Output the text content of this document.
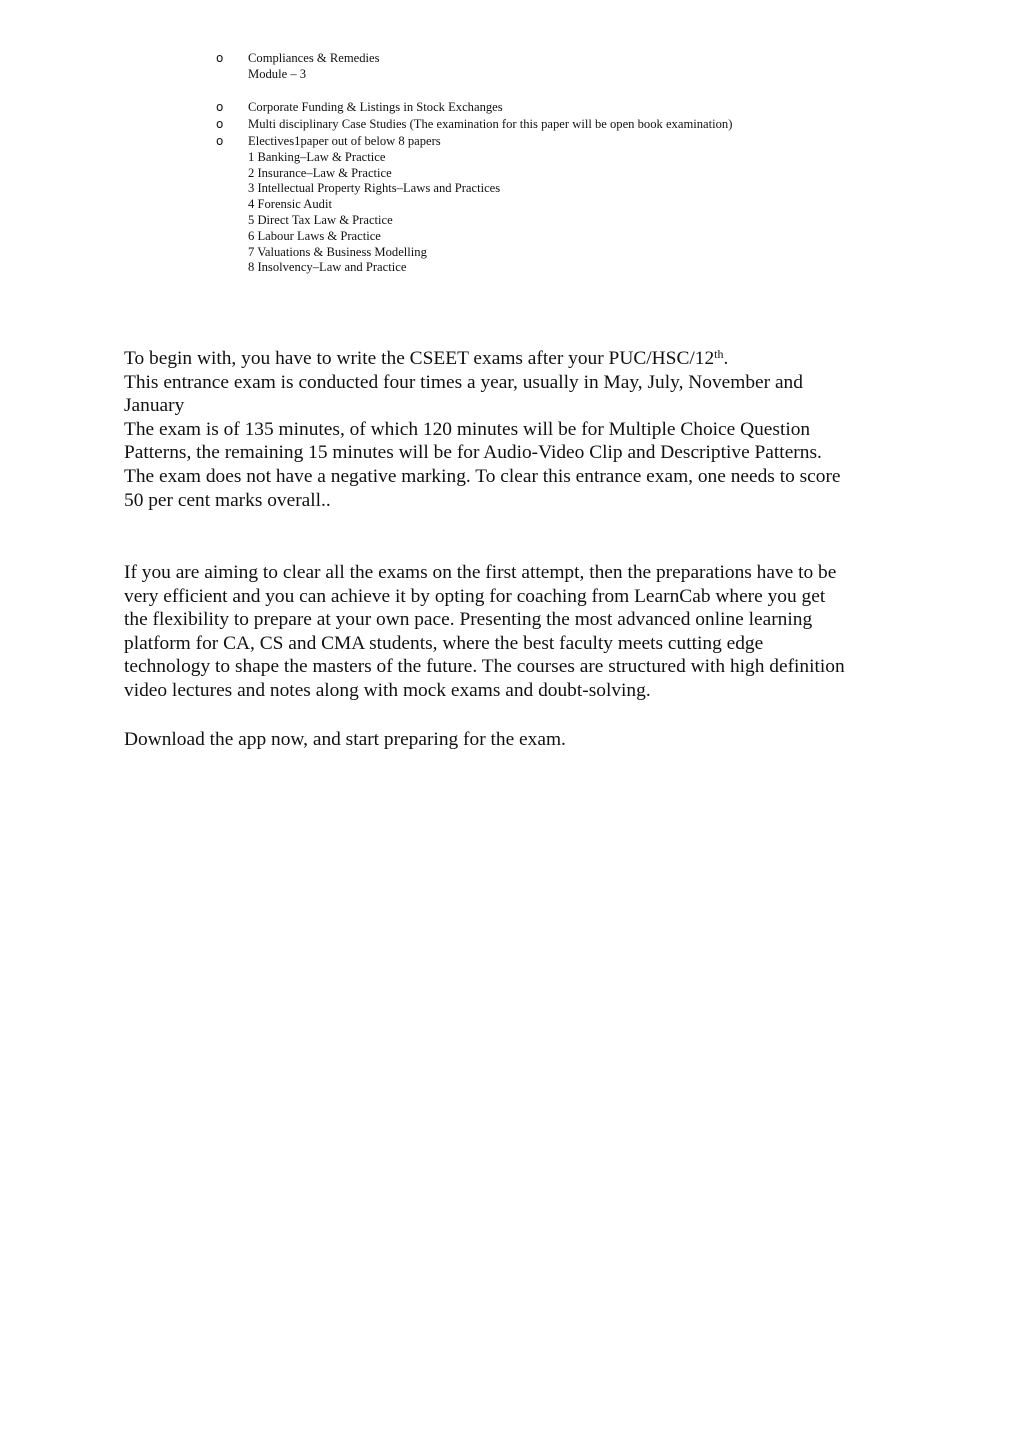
o Compliances & Remedies
Module – 3
o Corporate Funding & Listings in Stock Exchanges
o Multi disciplinary Case Studies (The examination for this paper will be open book examination)
o Electives1paper out of below 8 papers
1 Banking–Law & Practice
2 Insurance–Law & Practice
3 Intellectual Property Rights–Laws and Practices
4 Forensic Audit
5 Direct Tax Law & Practice
6 Labour Laws & Practice
7 Valuations & Business Modelling
8 Insolvency–Law and Practice
To begin with, you have to write the CSEET exams after your PUC/HSC/12th.
This entrance exam is conducted four times a year, usually in May, July, November and
January
The exam is of 135 minutes, of which 120 minutes will be for Multiple Choice Question
Patterns, the remaining 15 minutes will be for Audio-Video Clip and Descriptive Patterns.
The exam does not have a negative marking. To clear this entrance exam, one needs to score
50 per cent marks overall..
If you are aiming to clear all the exams on the first attempt, then the preparations have to be
very efficient and you can achieve it by opting for coaching from LearnCab where you get
the flexibility to prepare at your own pace. Presenting the most advanced online learning
platform for CA, CS and CMA students, where the best faculty meets cutting edge
technology to shape the masters of the future. The courses are structured with high definition
video lectures and notes along with mock exams and doubt-solving.
Download the app now, and start preparing for the exam.
